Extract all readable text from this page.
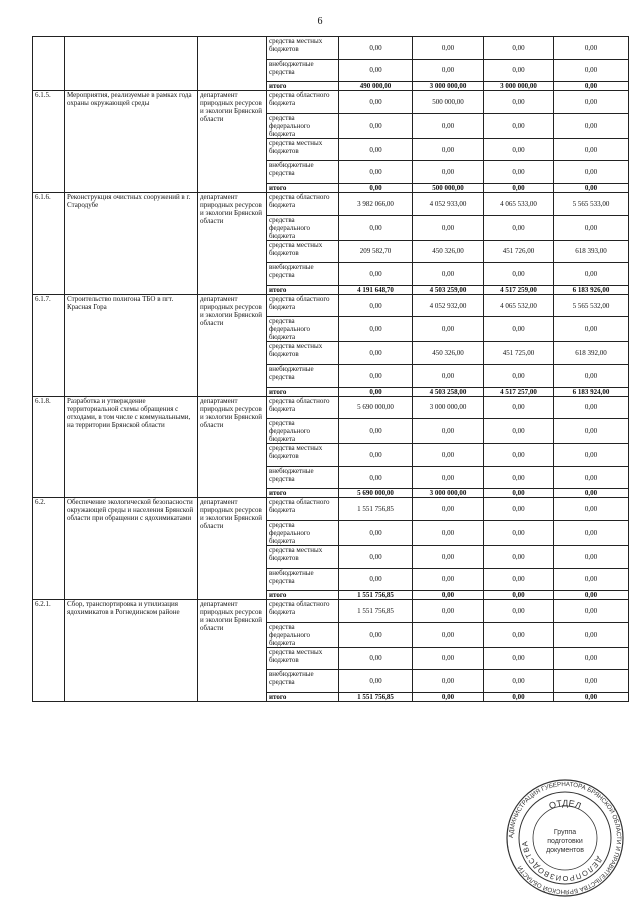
6
			средства местных бюджетов	0,00	0,00	0,00	0,00
			внебюджетные средства	0,00	0,00	0,00	0,00
			итого	490 000,00	3 000 000,00	3 000 000,00	0,00
6.1.5.	Мероприятия, реализуемые в рамках года охраны окружающей среды	департамент природных ресурсов и экологии Брянской области	средства областного бюджета	0,00	500 000,00	0,00	0,00
			средства федерального бюджета	0,00	0,00	0,00	0,00
			средства местных бюджетов	0,00	0,00	0,00	0,00
			внебюджетные средства	0,00	0,00	0,00	0,00
			итого	0,00	500 000,00	0,00	0,00
6.1.6.	Реконструкция очистных сооружений в г. Стародубе	департамент природных ресурсов и экологии Брянской области	средства областного бюджета	3 982 066,00	4 052 933,00	4 065 533,00	5 565 533,00
			средства федерального бюджета	0,00	0,00	0,00	0,00
			средства местных бюджетов	209 582,70	450 326,00	451 726,00	618 393,00
			внебюджетные средства	0,00	0,00	0,00	0,00
			итого	4 191 648,70	4 503 259,00	4 517 259,00	6 183 926,00
6.1.7.	Строительство полигона ТБО в пгт. Красная Гора	департамент природных ресурсов и экологии Брянской области	средства областного бюджета	0,00	4 052 932,00	4 065 532,00	5 565 532,00
			средства федерального бюджета	0,00	0,00	0,00	0,00
			средства местных бюджетов	0,00	450 326,00	451 725,00	618 392,00
			внебюджетные средства	0,00	0,00	0,00	0,00
			итого	0,00	4 503 258,00	4 517 257,00	6 183 924,00
6.1.8.	Разработка и утверждение территориальной схемы обращения с отходами, в том числе с коммунальными, на территории Брянской области	департамент природных ресурсов и экологии Брянской области	средства областного бюджета	5 690 000,00	3 000 000,00	0,00	0,00
			средства федерального бюджета	0,00	0,00	0,00	0,00
			средства местных бюджетов	0,00	0,00	0,00	0,00
			внебюджетные средства	0,00	0,00	0,00	0,00
			итого	5 690 000,00	3 000 000,00	0,00	0,00
6.2.	Обеспечение экологической безопасности окружающей среды и населения Брянской области при обращении с ядохимикатами	департамент природных ресурсов и экологии Брянской области	средства областного бюджета	1 551 756,85	0,00	0,00	0,00
			средства федерального бюджета	0,00	0,00	0,00	0,00
			средства местных бюджетов	0,00	0,00	0,00	0,00
			внебюджетные средства	0,00	0,00	0,00	0,00
			итого	1 551 756,85	0,00	0,00	0,00
6.2.1.	Сбор, транспортировка и утилизация ядохимикатов в Рогнединском районе	департамент природных ресурсов и экологии Брянской области	средства областного бюджета	1 551 756,85	0,00	0,00	0,00
			средства федерального бюджета	0,00	0,00	0,00	0,00
			средства местных бюджетов	0,00	0,00	0,00	0,00
			внебюджетные средства	0,00	0,00	0,00	0,00
			итого	1 551 756,85	0,00	0,00	0,00
АДМИНИСТРАЦИЯ ГУБЕРНАТОРА БРЯНСКОЙ ОБЛАСТИ И ПРАВИТЕЛЬСТВА БРЯНСКОЙ ОБЛАСТИ
ДЕЛОПРОИЗВОДСТВА
ОТДЕЛ
Группа
подготовки
документов
